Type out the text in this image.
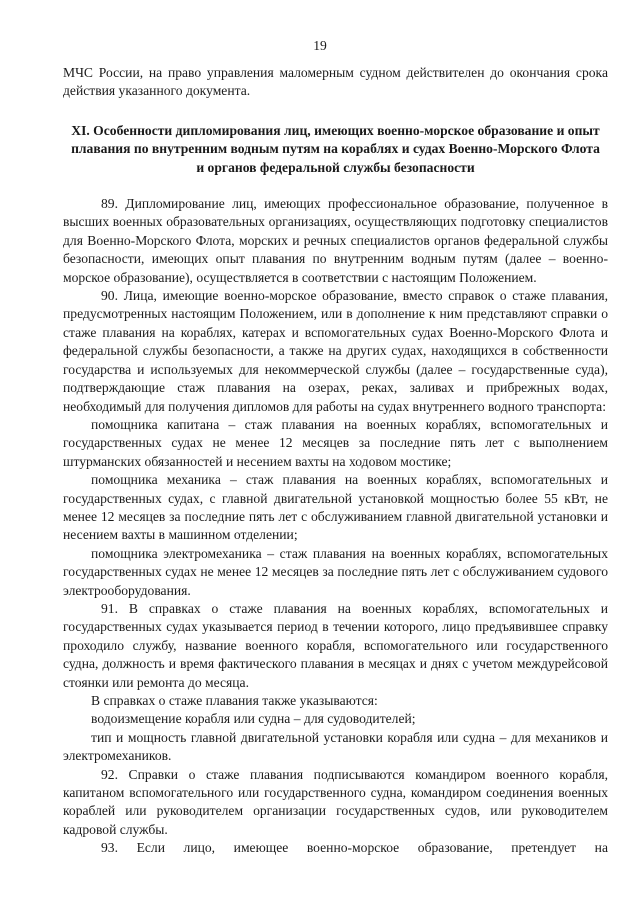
19

МЧС России, на право управления маломерным судном действителен до окончания срока действия указанного документа.

XI. Особенности дипломирования лиц, имеющих военно-морское образование и опыт плавания по внутренним водным путям на кораблях и судах Военно-Морского Флота и органов федеральной службы безопасности

89. Дипломирование лиц, имеющих профессиональное образование, полученное в высших военных образовательных организациях, осуществляющих подготовку специалистов для Военно-Морского Флота, морских и речных специалистов органов федеральной службы безопасности, имеющих опыт плавания по внутренним водным путям (далее – военно-морское образование), осуществляется в соответствии с настоящим Положением.

90. Лица, имеющие военно-морское образование, вместо справок о стаже плавания, предусмотренных настоящим Положением, или в дополнение к ним представляют справки о стаже плавания на кораблях, катерах и вспомогательных судах Военно-Морского Флота и федеральной службы безопасности, а также на других судах, находящихся в собственности государства и используемых для некоммерческой службы (далее – государственные суда), подтверждающие стаж плавания на озерах, реках, заливах и прибрежных водах, необходимый для получения дипломов для работы на судах внутреннего водного транспорта:

помощника капитана – стаж плавания на военных кораблях, вспомогательных и государственных судах не менее 12 месяцев за последние пять лет с выполнением штурманских обязанностей и несением вахты на ходовом мостике;

помощника механика – стаж плавания на военных кораблях, вспомогательных и государственных судах, с главной двигательной установкой мощностью более 55 кВт, не менее 12 месяцев за последние пять лет с обслуживанием главной двигательной установки и несением вахты в машинном отделении;

помощника электромеханика – стаж плавания на военных кораблях, вспомогательных государственных судах не менее 12 месяцев за последние пять лет с обслуживанием судового электрооборудования.

91. В справках о стаже плавания на военных кораблях, вспомогательных и государственных судах указывается период в течении которого, лицо предъявившее справку проходило службу, название военного корабля, вспомогательного или государственного судна, должность и время фактического плавания в месяцах и днях с учетом междурейсовой стоянки или ремонта до месяца.

В справках о стаже плавания также указываются:

водоизмещение корабля или судна – для судоводителей;

тип и мощность главной двигательной установки корабля или судна – для механиков и электромехаников.

92. Справки о стаже плавания подписываются командиром военного корабля, капитаном вспомогательного или государственного судна, командиром соединения военных кораблей или руководителем организации государственных судов, или руководителем кадровой службы.

93. Если лицо, имеющее военно-морское образование, претендует на
